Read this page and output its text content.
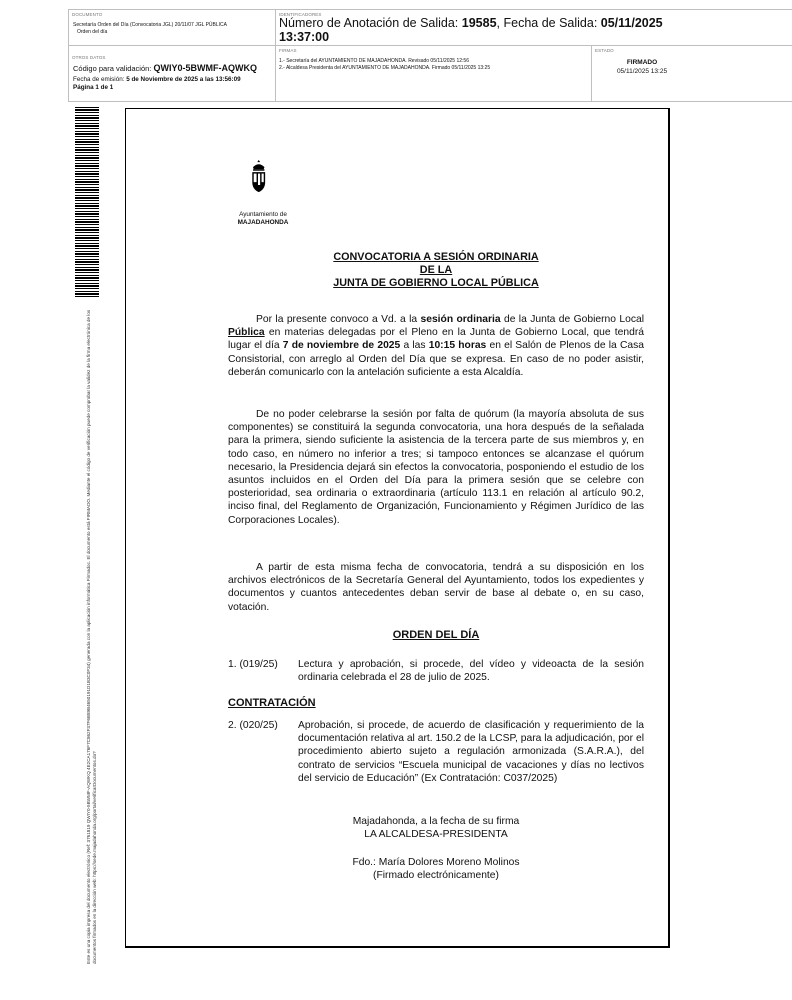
DOCUMENTO
Secretaría Orden del Día (Convocatoria JGL) 20/11/07 JGL PÚBLICA
Orden del día
IDENTIFICADORES
Número de Anotación de Salida: 19585, Fecha de Salida: 05/11/2025
13:37:00
OTROS DATOS
Código para validación: QWIY0-5BWMF-AQWKQ
Fecha de emisión: 5 de Noviembre de 2025 a las 13:56:09
Página 1 de 1
FIRMAS
1.- Secretaría del AYUNTAMIENTO DE MAJADAHONDA. Revisado 05/11/2025 12:56
2.- Alcaldesa Presidenta del AYUNTAMIENTO DE MAJADAHONDA. Firmado 05/11/2025 13:25
ESTADO
FIRMADO
05/11/2025 13:25
Este es una copia impresa del documento electrónico (Ref: 3761819 QWIY0-5BWMF-AQWKQ 4E2CA176F7C862F37F6B89B4650191D1B3C0F34) generada con la aplicación informática Firmadoc. El documento está FIRMADO. Mediante el código de verificación puede comprobar la validez de la firma electrónica de los documentos firmados en la dirección web: https://sede.majadahonda.org/portal/verificarDocumentos.do?
Ayuntamiento de
MAJADAHONDA
CONVOCATORIA A SESIÓN ORDINARIA
DE LA
JUNTA DE GOBIERNO LOCAL PÚBLICA
Por la presente convoco a Vd. a la sesión ordinaria de la Junta de Gobierno Local Pública en materias delegadas por el Pleno en la Junta de Gobierno Local, que tendrá lugar el día 7 de noviembre de 2025 a las 10:15 horas en el Salón de Plenos de la Casa Consistorial, con arreglo al Orden del Día que se expresa. En caso de no poder asistir, deberán comunicarlo con la antelación suficiente a esta Alcaldía.
De no poder celebrarse la sesión por falta de quórum (la mayoría absoluta de sus componentes) se constituirá la segunda convocatoria, una hora después de la señalada para la primera, siendo suficiente la asistencia de la tercera parte de sus miembros y, en todo caso, en número no inferior a tres; si tampoco entonces se alcanzase el quórum necesario, la Presidencia dejará sin efectos la convocatoria, posponiendo el estudio de los asuntos incluidos en el Orden del Día para la primera sesión que se celebre con posterioridad, sea ordinaria o extraordinaria (artículo 113.1 en relación al artículo 90.2, inciso final, del Reglamento de Organización, Funcionamiento y Régimen Jurídico de las Corporaciones Locales).
A partir de esta misma fecha de convocatoria, tendrá a su disposición en los archivos electrónicos de la Secretaría General del Ayuntamiento, todos los expedientes y documentos y cuantos antecedentes deban servir de base al debate o, en su caso, votación.
ORDEN DEL DÍA
1. (019/25) Lectura y aprobación, si procede, del vídeo y videoacta de la sesión ordinaria celebrada el 28 de julio de 2025.
CONTRATACIÓN
2. (020/25) Aprobación, si procede, de acuerdo de clasificación y requerimiento de la documentación relativa al art. 150.2 de la LCSP, para la adjudicación, por el procedimiento abierto sujeto a regulación armonizada (S.A.R.A.), del contrato de servicios “Escuela municipal de vacaciones y días no lectivos del servicio de Educación” (Ex Contratación: C037/2025)
Majadahonda, a la fecha de su firma
LA ALCALDESA-PRESIDENTA
Fdo.: María Dolores Moreno Molinos
(Firmado electrónicamente)
